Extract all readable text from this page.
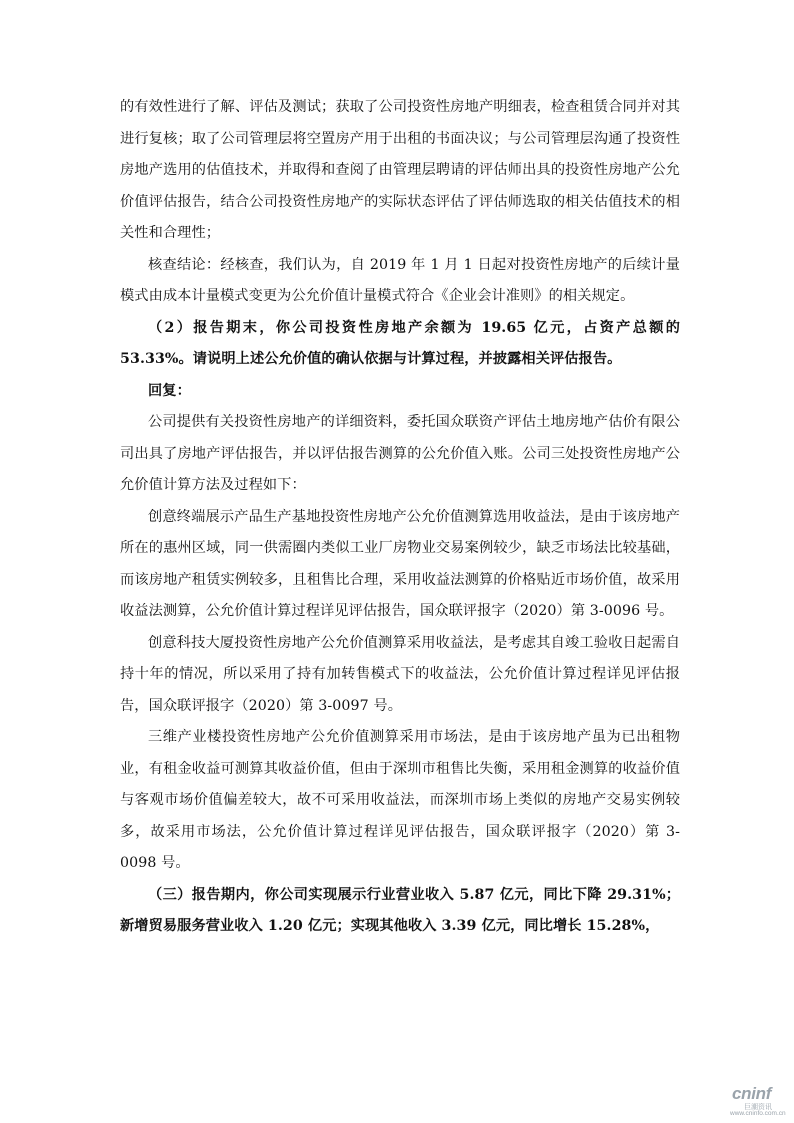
的有效性进行了解、评估及测试；获取了公司投资性房地产明细表，检查租赁合同并对其进行复核；取了公司管理层将空置房产用于出租的书面决议；与公司管理层沟通了投资性房地产选用的估值技术，并取得和查阅了由管理层聘请的评估师出具的投资性房地产公允价值评估报告，结合公司投资性房地产的实际状态评估了评估师选取的相关估值技术的相关性和合理性；

核查结论：经核查，我们认为，自 2019 年 1 月 1 日起对投资性房地产的后续计量模式由成本计量模式变更为公允价值计量模式符合《企业会计准则》的相关规定。

（2）报告期末，你公司投资性房地产余额为 19.65 亿元，占资产总额的 53.33%。请说明上述公允价值的确认依据与计算过程，并披露相关评估报告。

回复：

公司提供有关投资性房地产的详细资料，委托国众联资产评估土地房地产估价有限公司出具了房地产评估报告，并以评估报告测算的公允价值入账。公司三处投资性房地产公允价值计算方法及过程如下：

创意终端展示产品生产基地投资性房地产公允价值测算选用收益法，是由于该房地产所在的惠州区域，同一供需圈内类似工业厂房物业交易案例较少，缺乏市场法比较基础，而该房地产租赁实例较多，且租售比合理，采用收益法测算的价格贴近市场价值，故采用收益法测算，公允价值计算过程详见评估报告，国众联评报字（2020）第 3-0096 号。

创意科技大厦投资性房地产公允价值测算采用收益法，是考虑其自竣工验收日起需自持十年的情况，所以采用了持有加转售模式下的收益法，公允价值计算过程详见评估报告，国众联评报字（2020）第 3-0097 号。

三维产业楼投资性房地产公允价值测算采用市场法，是由于该房地产虽为已出租物业，有租金收益可测算其收益价值，但由于深圳市租售比失衡，采用租金测算的收益价值与客观市场价值偏差较大，故不可采用收益法，而深圳市场上类似的房地产交易实例较多，故采用市场法，公允价值计算过程详见评估报告，国众联评报字（2020）第 3-0098 号。

（三）报告期内，你公司实现展示行业营业收入 5.87 亿元，同比下降 29.31%；新增贸易服务营业收入 1.20 亿元；实现其他收入 3.39 亿元，同比增长 15.28%，

cninf
巨潮资讯
www.cninfo.com.cn
